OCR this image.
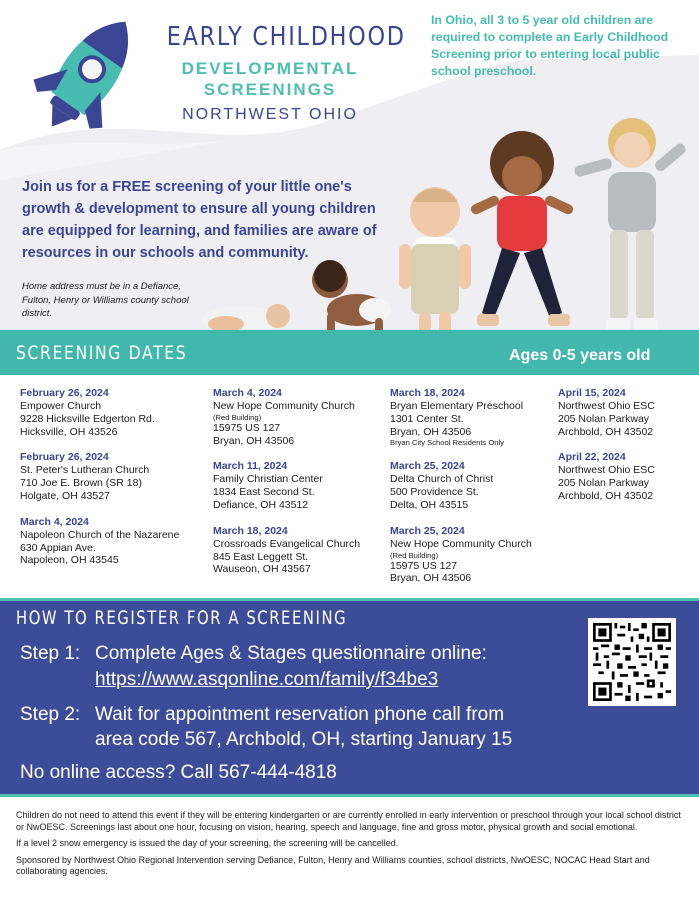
EARLY CHILDHOOD
DEVELOPMENTAL
SCREENINGS
NORTHWEST OHIO
In Ohio, all 3 to 5 year old children are required to complete an Early Childhood Screening prior to entering local public school preschool.
Join us for a FREE screening of your little one's growth & development to ensure all young children are equipped for learning, and families are aware of resources in our schools and community.
Home address must be in a Defiance, Fulton, Henry or Williams county school district.
SCREENING DATES	Ages 0-5 years old
February 26, 2024
Empower Church
9228 Hicksville Edgerton Rd.
Hicksville, OH 43526
February 26, 2024
St. Peter's Lutheran Church
710 Joe E. Brown (SR 18)
Holgate, OH 43527
March 4, 2024
Napoleon Church of the Nazarene
630 Appian Ave.
Napoleon, OH 43545
March 4, 2024
New Hope Community Church
(Red Building)
15975 US 127
Bryan, OH 43506
March 11, 2024
Family Christian Center
1834 East Second St.
Defiance, OH 43512
March 18, 2024
Crossroads Evangelical Church
845 East Leggett St.
Wauseon, OH 43567
March 18, 2024
Bryan Elementary Preschool
1301 Center St.
Bryan, OH 43506
Bryan City School Residents Only
March 25, 2024
Delta Church of Christ
500 Providence St.
Delta, OH 43515
March 25, 2024
New Hope Community Church
(Red Building)
15975 US 127
Bryan, OH 43506
April 15, 2024
Northwest Ohio ESC
205 Nolan Parkway
Archbold, OH 43502
April 22, 2024
Northwest Ohio ESC
205 Nolan Parkway
Archbold, OH 43502
HOW TO REGISTER FOR A SCREENING
Step 1: Complete Ages & Stages questionnaire online:
https://www.asqonline.com/family/f34be3
Step 2: Wait for appointment reservation phone call from
area code 567, Archbold, OH, starting January 15
No online access? Call 567-444-4818

Children do not need to attend this event if they will be entering kindergarten or are currently enrolled in early intervention or preschool through your local school district or NwOESC. Screenings last about one hour, focusing on vision, hearing, speech and language, fine and gross motor, physical growth and social emotional.

If a level 2 snow emergency is issued the day of your screening, the screening will be cancelled.

Sponsored by Northwest Ohio Regional Intervention serving Defiance, Fulton, Henry and Williams counties, school districts, NwOESC, NOCAC Head Start and collaborating agencies.
